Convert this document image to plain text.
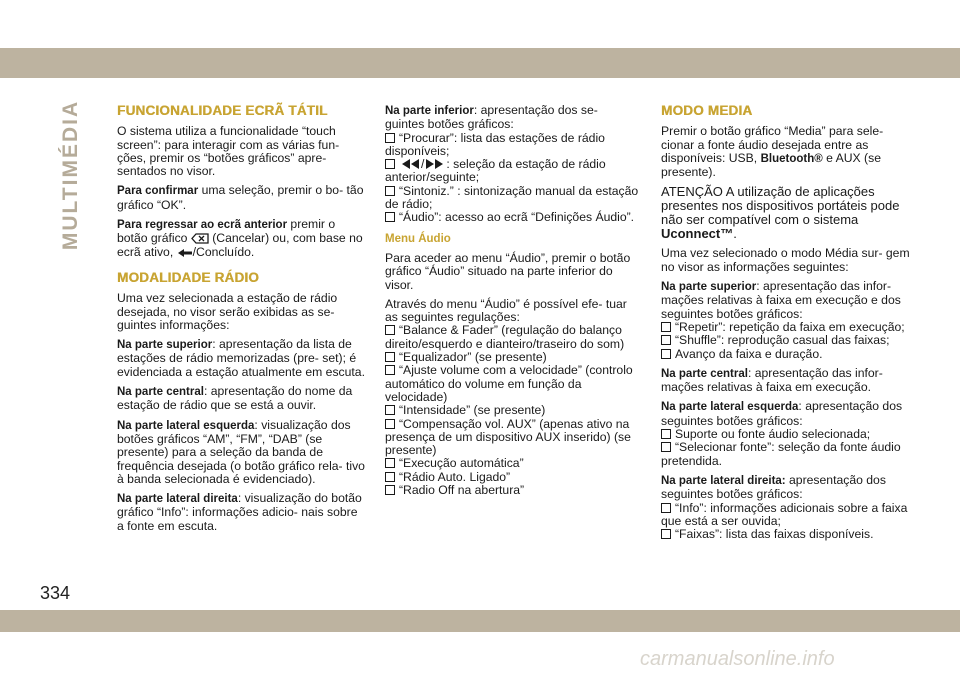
MULTIMÉDIA	FUNCIONALIDADE ECRÃ TÁTIL

O sistema utiliza a funcionalidade “touch screen”: para interagir com as várias fun- ções, premir os “botões gráficos” apre- sentados no visor.

Para confirmar uma seleção, premir o bo- tão gráfico “OK”.

Para regressar ao ecrã anterior premir o botão gráfico  (Cancelar) ou, com base no ecrã ativo, /Concluído.

MODALIDADE RÁDIO

Uma vez selecionada a estação de rádio desejada, no visor serão exibidas as se- guintes informações:

Na parte superior: apresentação da lista de estações de rádio memorizadas (pre- set); é evidenciada a estação atualmente em escuta.

Na parte central: apresentação do nome da estação de rádio que se está a ouvir.

Na parte lateral esquerda: visualização dos botões gráficos “AM”, “FM”, “DAB” (se presente) para a seleção da banda de frequência desejada (o botão gráfico rela- tivo à banda selecionada é evidenciado).

Na parte lateral direita: visualização do botão gráfico “Info”: informações adicio- nais sobre a fonte em escuta.

Na parte inferior: apresentação dos se- guintes botões gráficos:

“Procurar”: lista das estações de rádio disponíveis;

/ : seleção da estação de rádio anterior/seguinte;

“Sintoniz.” : sintonização manual da estação de rádio;

“Áudio”: acesso ao ecrã “Definições Áudio”.

Menu Áudio

Para aceder ao menu “Áudio”, premir o botão gráfico “Áudio” situado na parte inferior do visor.

Através do menu “Áudio” é possível efe- tuar as seguintes regulações:

“Balance & Fader” (regulação do balanço direito/esquerdo e dianteiro/traseiro do som)

“Equalizador” (se presente)

“Ajuste volume com a velocidade” (controlo automático do volume em função da velocidade)

“Intensidade” (se presente)

“Compensação vol. AUX” (apenas ativo na presença de um dispositivo AUX inserido) (se presente)

“Execução automática”

“Rádio Auto. Ligado”

“Radio Off na abertura”

MODO MEDIA

Premir o botão gráfico “Media” para sele- cionar a fonte áudio desejada entre as disponíveis: USB, Bluetooth® e AUX (se presente).

ATENÇÃO A utilização de aplicações presentes nos dispositivos portáteis pode não ser compatível com o sistema Uconnect™.

Uma vez selecionado o modo Média sur- gem no visor as informações seguintes:

Na parte superior: apresentação das infor- mações relativas à faixa em execução e dos seguintes botões gráficos:

“Repetir”: repetição da faixa em execução;

“Shuffle”: reprodução casual das faixas;

Avanço da faixa e duração.

Na parte central: apresentação das infor- mações relativas à faixa em execução.

Na parte lateral esquerda: apresentação dos seguintes botões gráficos:

Suporte ou fonte áudio selecionada;

“Selecionar fonte”: seleção da fonte áudio pretendida.

Na parte lateral direita: apresentação dos seguintes botões gráficos:

“Info”: informações adicionais sobre a faixa que está a ser ouvida;

“Faixas”: lista das faixas disponíveis.

334
carmanualsonline.info
